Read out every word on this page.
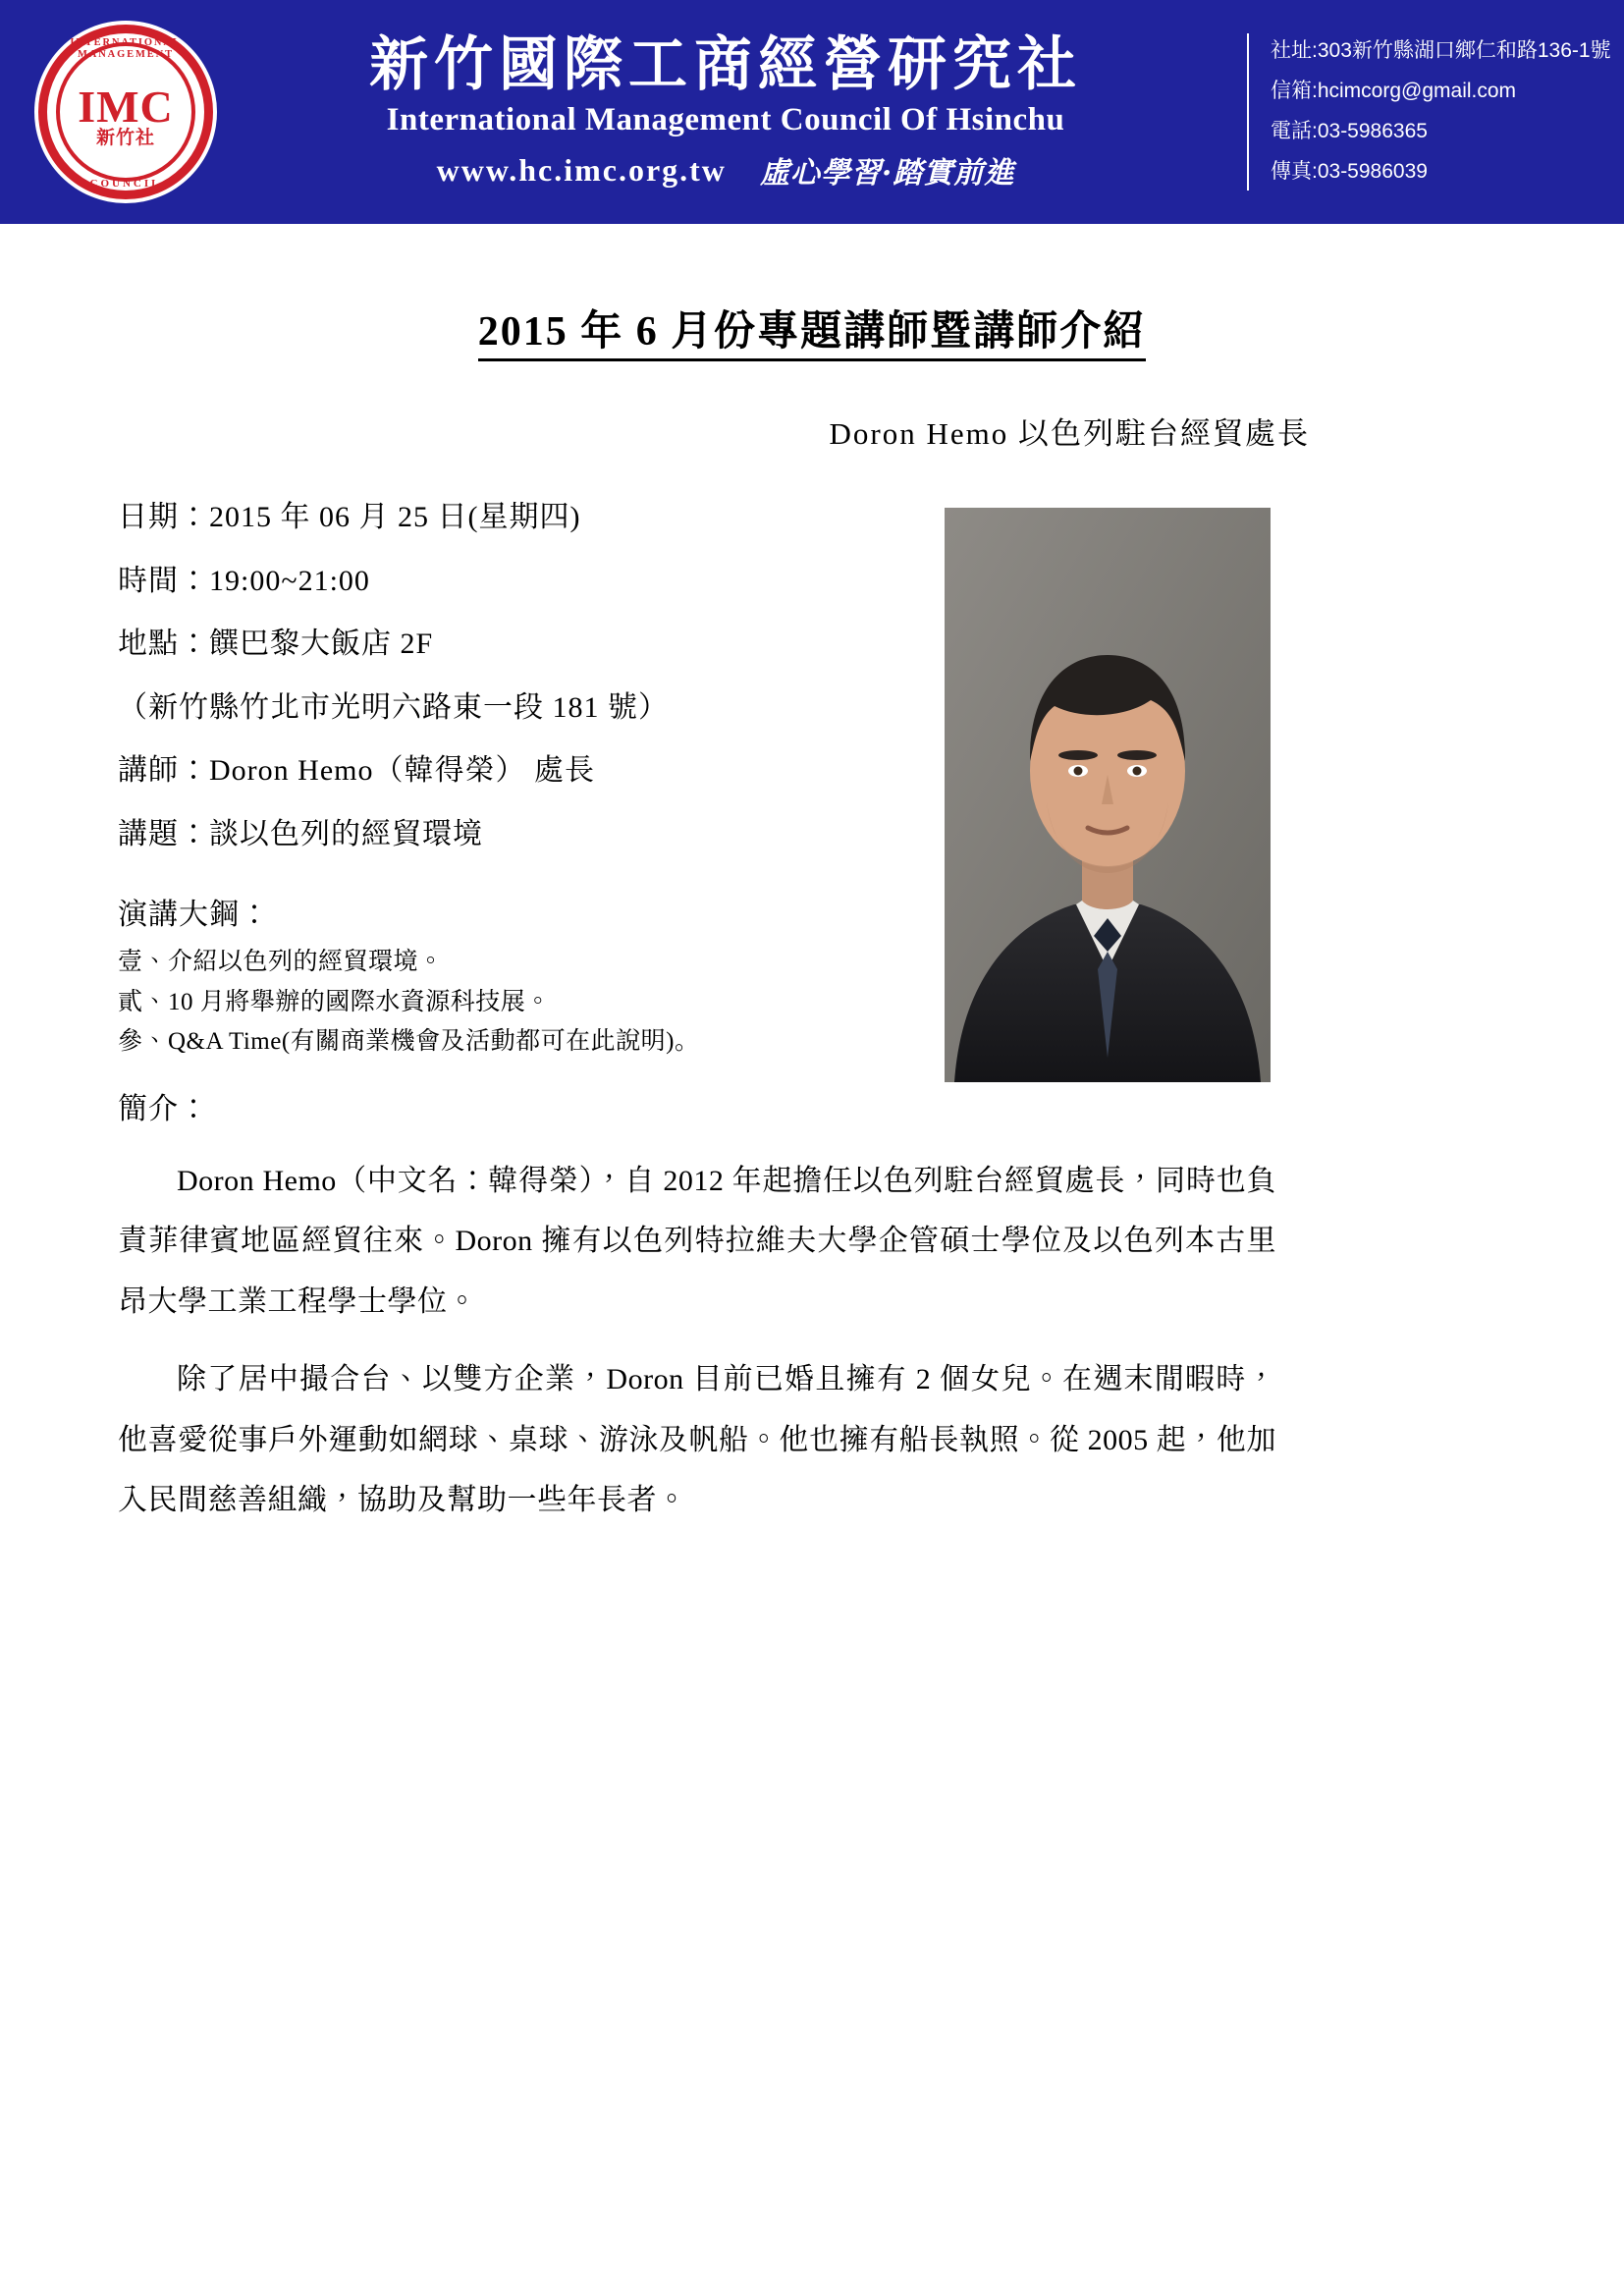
INTERNATIONAL MANAGEMENT
IMC
新竹社
COUNCIL
新竹國際工商經營研究社
International Management Council Of Hsinchu
www.hc.imc.org.tw 虛心學習·踏實前進
社址:303新竹縣湖口鄉仁和路136-1號
信箱:hcimcorg@gmail.com
電話:03-5986365
傳真:03-5986039
2015 年 6 月份專題講師暨講師介紹
Doron Hemo 以色列駐台經貿處長
日期：2015 年 06 月 25 日(星期四)
時間：19:00~21:00
地點：饌巴黎大飯店 2F
（新竹縣竹北市光明六路東一段 181 號）
講師：Doron Hemo（韓得榮） 處長
講題：談以色列的經貿環境
演講大鋼：
壹、介紹以色列的經貿環境。
貳、10 月將舉辦的國際水資源科技展。
參、Q&A Time(有關商業機會及活動都可在此說明)。
簡介：
Doron Hemo（中文名：韓得榮），自 2012 年起擔任以色列駐台經貿處長，同時也負責菲律賓地區經貿往來。Doron 擁有以色列特拉維夫大學企管碩士學位及以色列本古里昂大學工業工程學士學位。
除了居中撮合台、以雙方企業，Doron 目前已婚且擁有 2 個女兒。在週末閒暇時，他喜愛從事戶外運動如網球、桌球、游泳及帆船。他也擁有船長執照。從 2005 起，他加入民間慈善組織，協助及幫助一些年長者。
